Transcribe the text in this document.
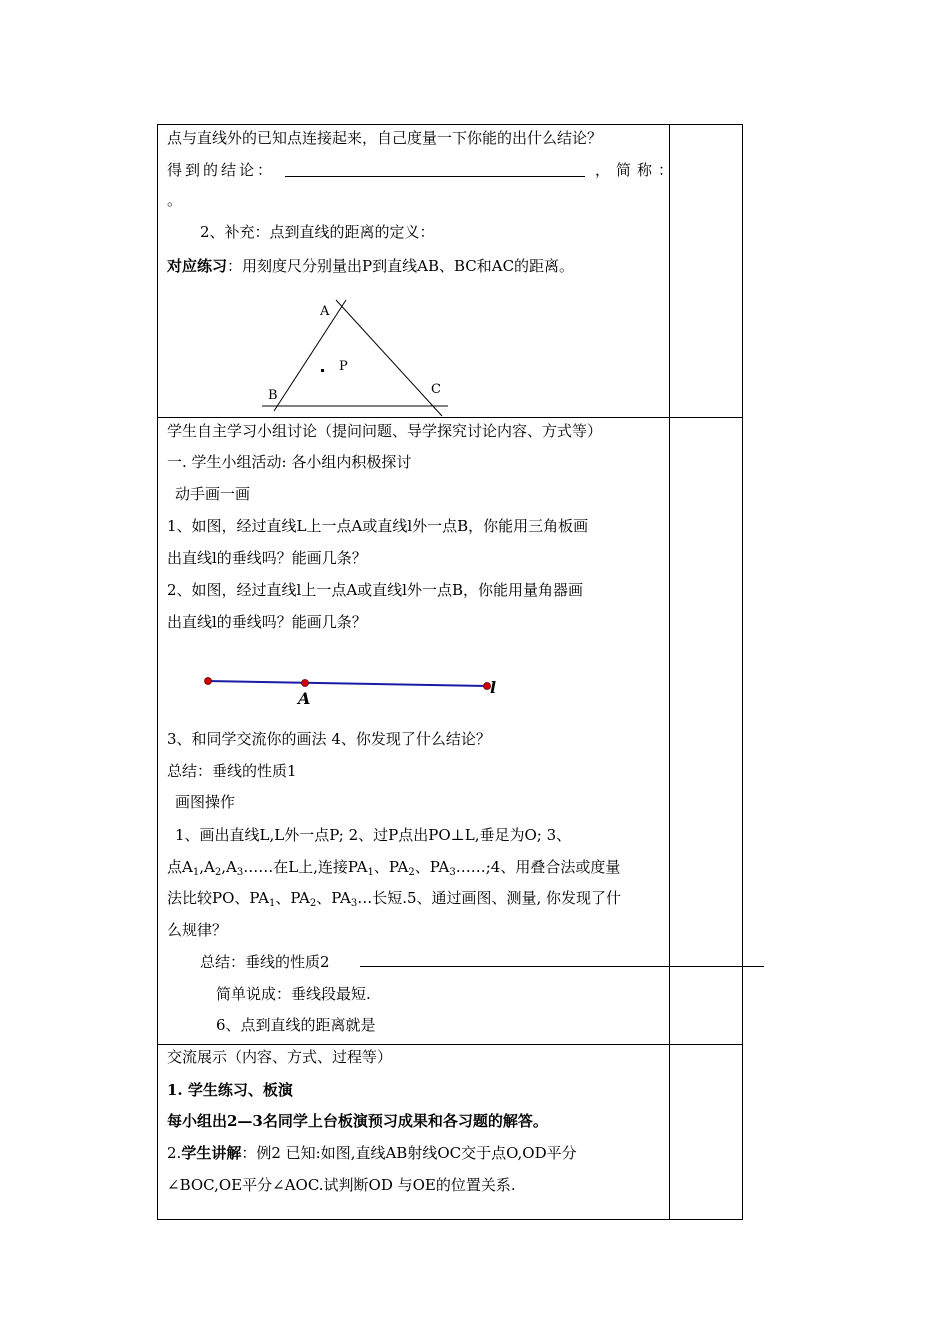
点与直线外的已知点连接起来，自己度量一下你能的出什么结论？
得到的结论：	，简称：
。
2、补充：点到直线的距离的定义：
对应练习：用刻度尺分别量出P到直线AB、BC和AC的距离。
A
P
B	C
学生自主学习小组讨论（提问问题、导学探究讨论内容、方式等）
一. 学生小组活动: 各小组内积极探讨
动手画一画
1、如图，经过直线L上一点A或直线l外一点B，你能用三角板画
出直线l的垂线吗？能画几条？
2、如图，经过直线l上一点A或直线l外一点B，你能用量角器画
出直线l的垂线吗？能画几条？
A
l
3、和同学交流你的画法 4、你发现了什么结论？
总结：垂线的性质1
画图操作
1、画出直线L,L外一点P; 2、过P点出PO⊥L,垂足为O; 3、
点$A_1,A_2,A_3\dots\dots$在L上,连接$PA_1$、$PA_2$、$PA_3\dots\dots;4$、用叠合法或度量
法比较PO、$PA_1$、$PA_2$、$PA_3\dots$长短.5、通过画图、测量, 你发现了什
么规律？
总结：垂线的性质2
简单说成：垂线段最短.
6、点到直线的距离就是
交流展示（内容、方式、过程等）
1. 学生练习、板演
每小组出2—3名同学上台板演预习成果和各习题的解答。
2.学生讲解：例2 已知:如图,直线AB射线OC交于点O,OD平分
∠BOC,OE平分∠AOC.试判断OD 与OE的位置关系.
